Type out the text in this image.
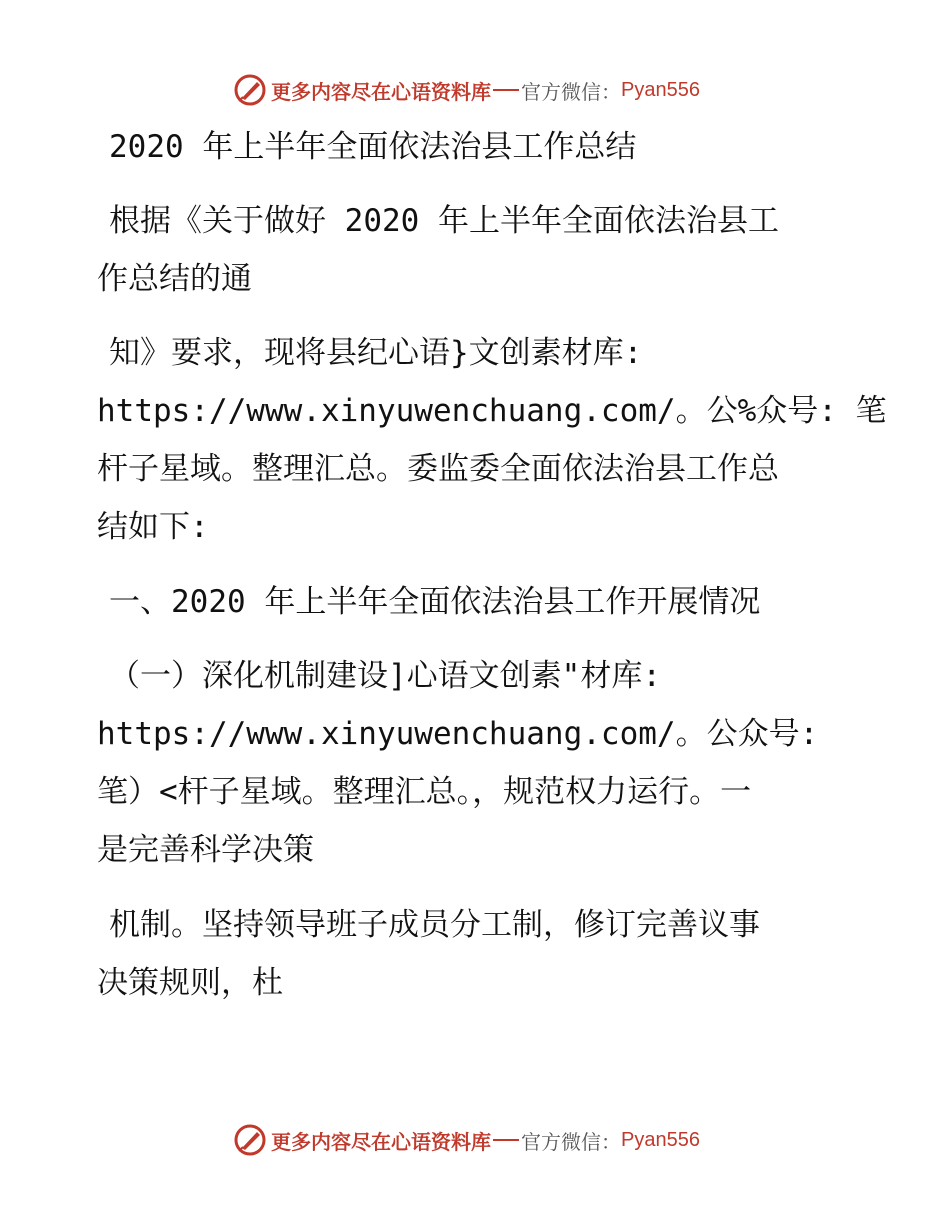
更多内容尽在心语资料库 官方微信： Pyan556
2020 年上半年全面依法治县工作总结
根据《关于做好 2020 年上半年全面依法治县工
作总结的通
知》要求，现将县纪心语}文创素材库:
https://www.xinyuwenchuang.com/。公%众号: 笔
杆子星域。整理汇总。委监委全面依法治县工作总
结如下:
一、2020 年上半年全面依法治县工作开展情况
（一）深化机制建设]心语文创素"材库:
https://www.xinyuwenchuang.com/。公众号:
笔）<杆子星域。整理汇总。，规范权力运行。一
是完善科学决策
机制。坚持领导班子成员分工制，修订完善议事
决策规则，杜
更多内容尽在心语资料库 官方微信： Pyan556
